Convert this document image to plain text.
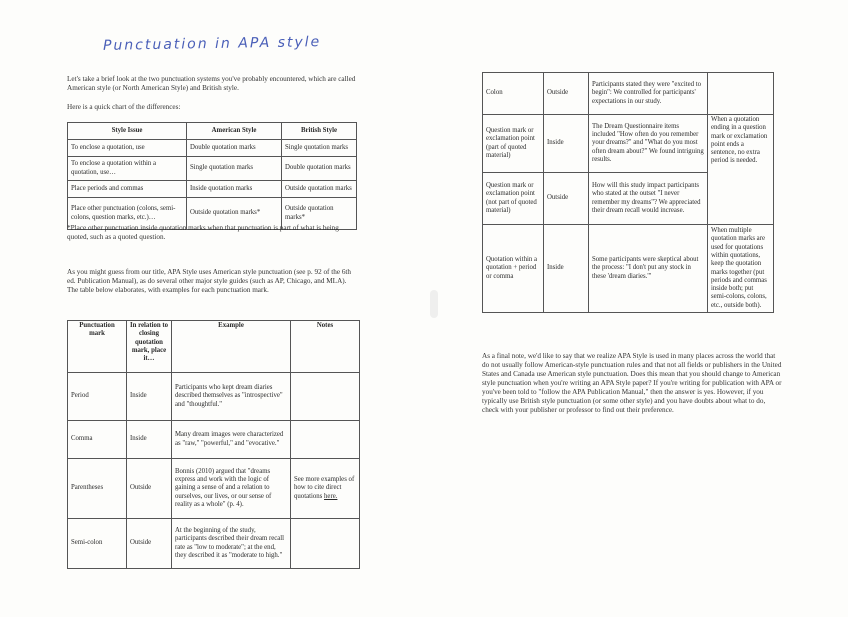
Punctuation in APA style
Let's take a brief look at the two punctuation systems you've probably encountered, which are called American style (or North American Style) and British style.
Here is a quick chart of the differences:
Style Issue	American Style	British Style
To enclose a quotation, use	Double quotation marks	Single quotation marks
To enclose a quotation within a quotation, use…	Single quotation marks	Double quotation marks
Place periods and commas	Inside quotation marks	Outside quotation marks
Place other punctuation (colons, semi-colons, question marks, etc.)…	Outside quotation marks*	Outside quotation marks*
*Place other punctuation inside quotation marks when that punctuation is part of what is being quoted, such as a quoted question.
As you might guess from our title, APA Style uses American style punctuation (see p. 92 of the 6th ed. Publication Manual), as do several other major style guides (such as AP, Chicago, and MLA). The table below elaborates, with examples for each punctuation mark.
Punctuation mark	In relation to closing quotation mark, place it…	Example	Notes
Period	Inside	Participants who kept dream diaries described themselves as "introspective" and "thoughtful."	
Comma	Inside	Many dream images were characterized as "raw," "powerful," and "evocative."	
Parentheses	Outside	Bonnis (2010) argued that "dreams express and work with the logic of gaining a sense of and a relation to ourselves, our lives, or our sense of reality as a whole" (p. 4).	See more examples of how to cite direct quotations here.
Semi-colon	Outside	At the beginning of the study, participants described their dream recall rate as "low to moderate"; at the end, they described it as "moderate to high."	
Colon	Outside	Participants stated they were "excited to begin": We controlled for participants' expectations in our study.	
Question mark or exclamation point (part of quoted material)	Inside	The Dream Questionnaire items included "How often do you remember your dreams?" and "What do you most often dream about?" We found intriguing results.	When a quotation ending in a question mark or exclamation point ends a sentence, no extra period is needed.
Question mark or exclamation point (not part of quoted material)	Outside	How will this study impact participants who stated at the outset "I never remember my dreams"? We appreciated their dream recall would increase.	
Quotation within a quotation + period or comma	Inside	Some participants were skeptical about the process: "I don't put any stock in these 'dream diaries.'"	When multiple quotation marks are used for quotations within quotations, keep the quotation marks together (put periods and commas inside both; put semi-colons, colons, etc., outside both).
As a final note, we'd like to say that we realize APA Style is used in many places across the world that do not usually follow American-style punctuation rules and that not all fields or publishers in the United States and Canada use American style punctuation. Does this mean that you should change to American style punctuation when you're writing an APA Style paper? If you're writing for publication with APA or you've been told to "follow the APA Publication Manual," then the answer is yes. However, if you typically use British style punctuation (or some other style) and you have doubts about what to do, check with your publisher or professor to find out their preference.
